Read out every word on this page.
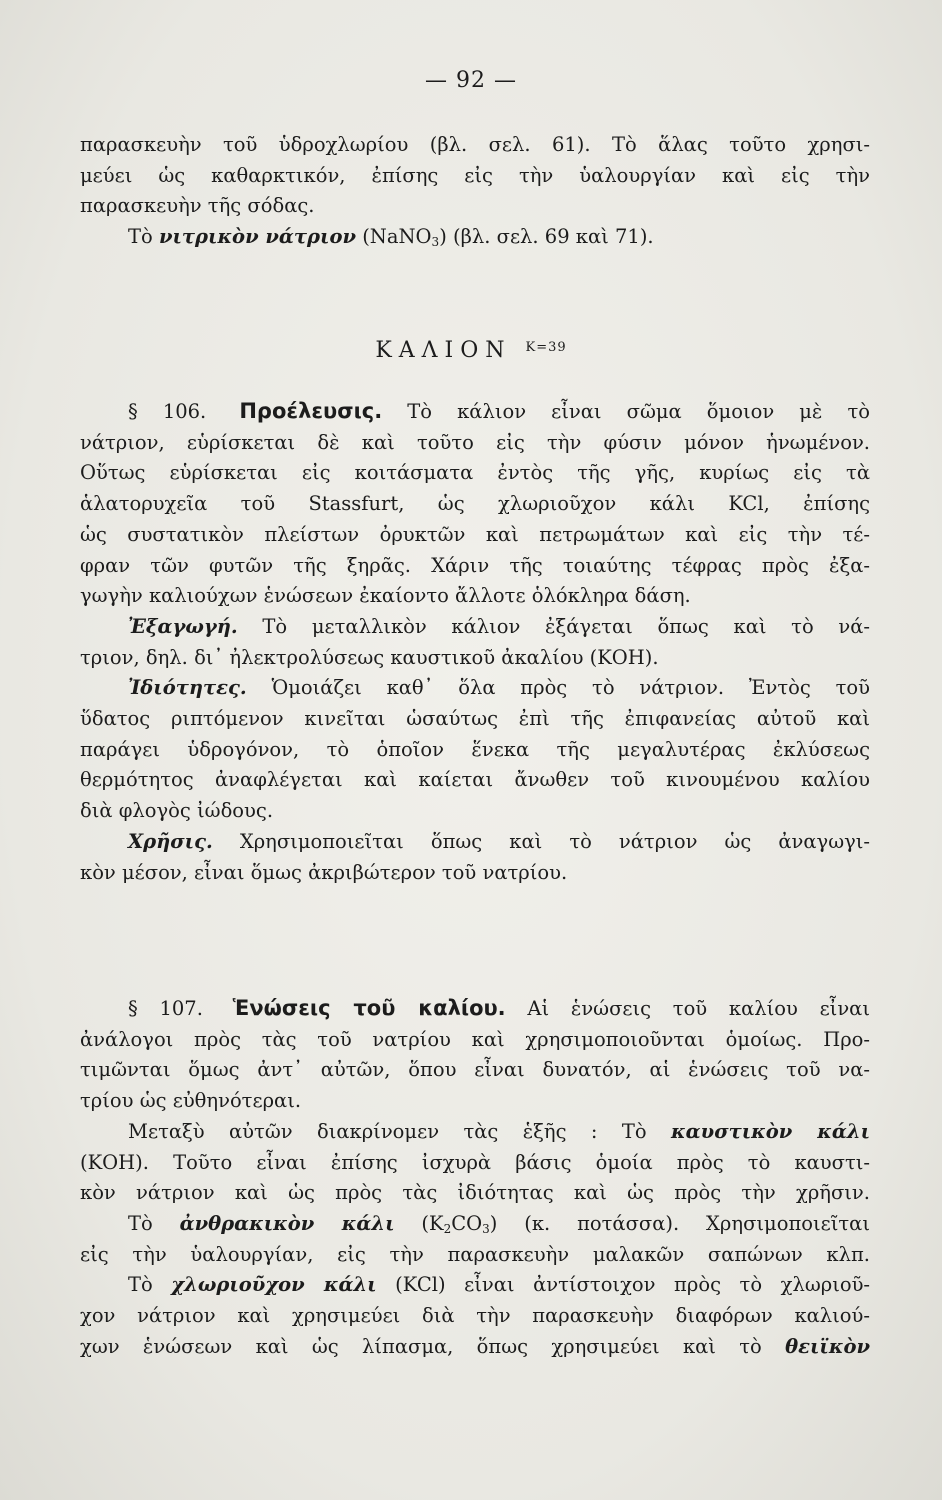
— 92 —
παρασκευὴν τοῦ ὑδροχλωρίου (βλ. σελ. 61). Τὸ ἅλας τοῦτο χρησι-
μεύει ὡς καθαρκτικόν, ἐπίσης εἰς τὴν ὑαλουργίαν καὶ εἰς τὴν
παρασκευὴν τῆς σόδας.
Τὸ νιτρικὸν νάτριον (NaNO$_3$) (βλ. σελ. 69 καὶ 71).
ΚΑΛΙΟΝ $^{K=39}$
§ 106. Προέλευσις. Τὸ κάλιον εἶναι σῶμα ὅμοιον μὲ τὸ
νάτριον, εὑρίσκεται δὲ καὶ τοῦτο εἰς τὴν φύσιν μόνον ἡνωμένον.
Οὕτως εὑρίσκεται εἰς κοιτάσματα ἐντὸς τῆς γῆς, κυρίως εἰς τὰ
ἁλατορυχεῖα τοῦ Stassfurt, ὡς χλωριοῦχον κάλι KCl, ἐπίσης
ὡς συστατικὸν πλείστων ὀρυκτῶν καὶ πετρωμάτων καὶ εἰς τὴν τέ-
φραν τῶν φυτῶν τῆς ξηρᾶς. Χάριν τῆς τοιαύτης τέφρας πρὸς ἐξα-
γωγὴν καλιούχων ἑνώσεων ἐκαίοντο ἄλλοτε ὁλόκληρα δάση.
Ἐξαγωγή. Τὸ μεταλλικὸν κάλιον ἐξάγεται ὅπως καὶ τὸ νά-
τριον, δηλ. δι᾽ ἠλεκτρολύσεως καυστικοῦ ἀκαλίου (ΚΟΗ).
Ἰδιότητες. Ὁμοιάζει καθ᾽ ὅλα πρὸς τὸ νάτριον. Ἐντὸς τοῦ
ὕδατος ριπτόμενον κινεῖται ὡσαύτως ἐπὶ τῆς ἐπιφανείας αὐτοῦ καὶ
παράγει ὑδρογόνον, τὸ ὁποῖον ἕνεκα τῆς μεγαλυτέρας ἐκλύσεως
θερμότητος ἀναφλέγεται καὶ καίεται ἄνωθεν τοῦ κινουμένου καλίου
διὰ φλογὸς ἰώδους.
Χρῆσις. Χρησιμοποιεῖται ὅπως καὶ τὸ νάτριον ὡς ἀναγωγι-
κὸν μέσον, εἶναι ὅμως ἀκριβώτερον τοῦ νατρίου.
§ 107. Ἑνώσεις τοῦ καλίου. Αἱ ἑνώσεις τοῦ καλίου εἶναι
ἀνάλογοι πρὸς τὰς τοῦ νατρίου καὶ χρησιμοποιοῦνται ὁμοίως. Προ-
τιμῶνται ὅμως ἀντ᾽ αὐτῶν, ὅπου εἶναι δυνατόν, αἱ ἑνώσεις τοῦ να-
τρίου ὡς εὐθηνότεραι.
Μεταξὺ αὐτῶν διακρίνομεν τὰς ἑξῆς : Τὸ καυστικὸν κάλι
(ΚΟΗ). Τοῦτο εἶναι ἐπίσης ἰσχυρὰ βάσις ὁμοία πρὸς τὸ καυστι-
κὸν νάτριον καὶ ὡς πρὸς τὰς ἰδιότητας καὶ ὡς πρὸς τὴν χρῆσιν.
Τὸ ἀνθρακικὸν κάλι $(K_2CO_3)$ (κ. ποτάσσα). Χρησιμοποιεῖται
εἰς τὴν ὑαλουργίαν, εἰς τὴν παρασκευὴν μαλακῶν σαπώνων κλπ.
Τὸ χλωριοῦχον κάλι (KCl) εἶναι ἀντίστοιχον πρὸς τὸ χλωριοῦ-
χον νάτριον καὶ χρησιμεύει διὰ τὴν παρασκευὴν διαφόρων καλιού-
χων ἑνώσεων καὶ ὡς λίπασμα, ὅπως χρησιμεύει καὶ τὸ θειϊκὸν
